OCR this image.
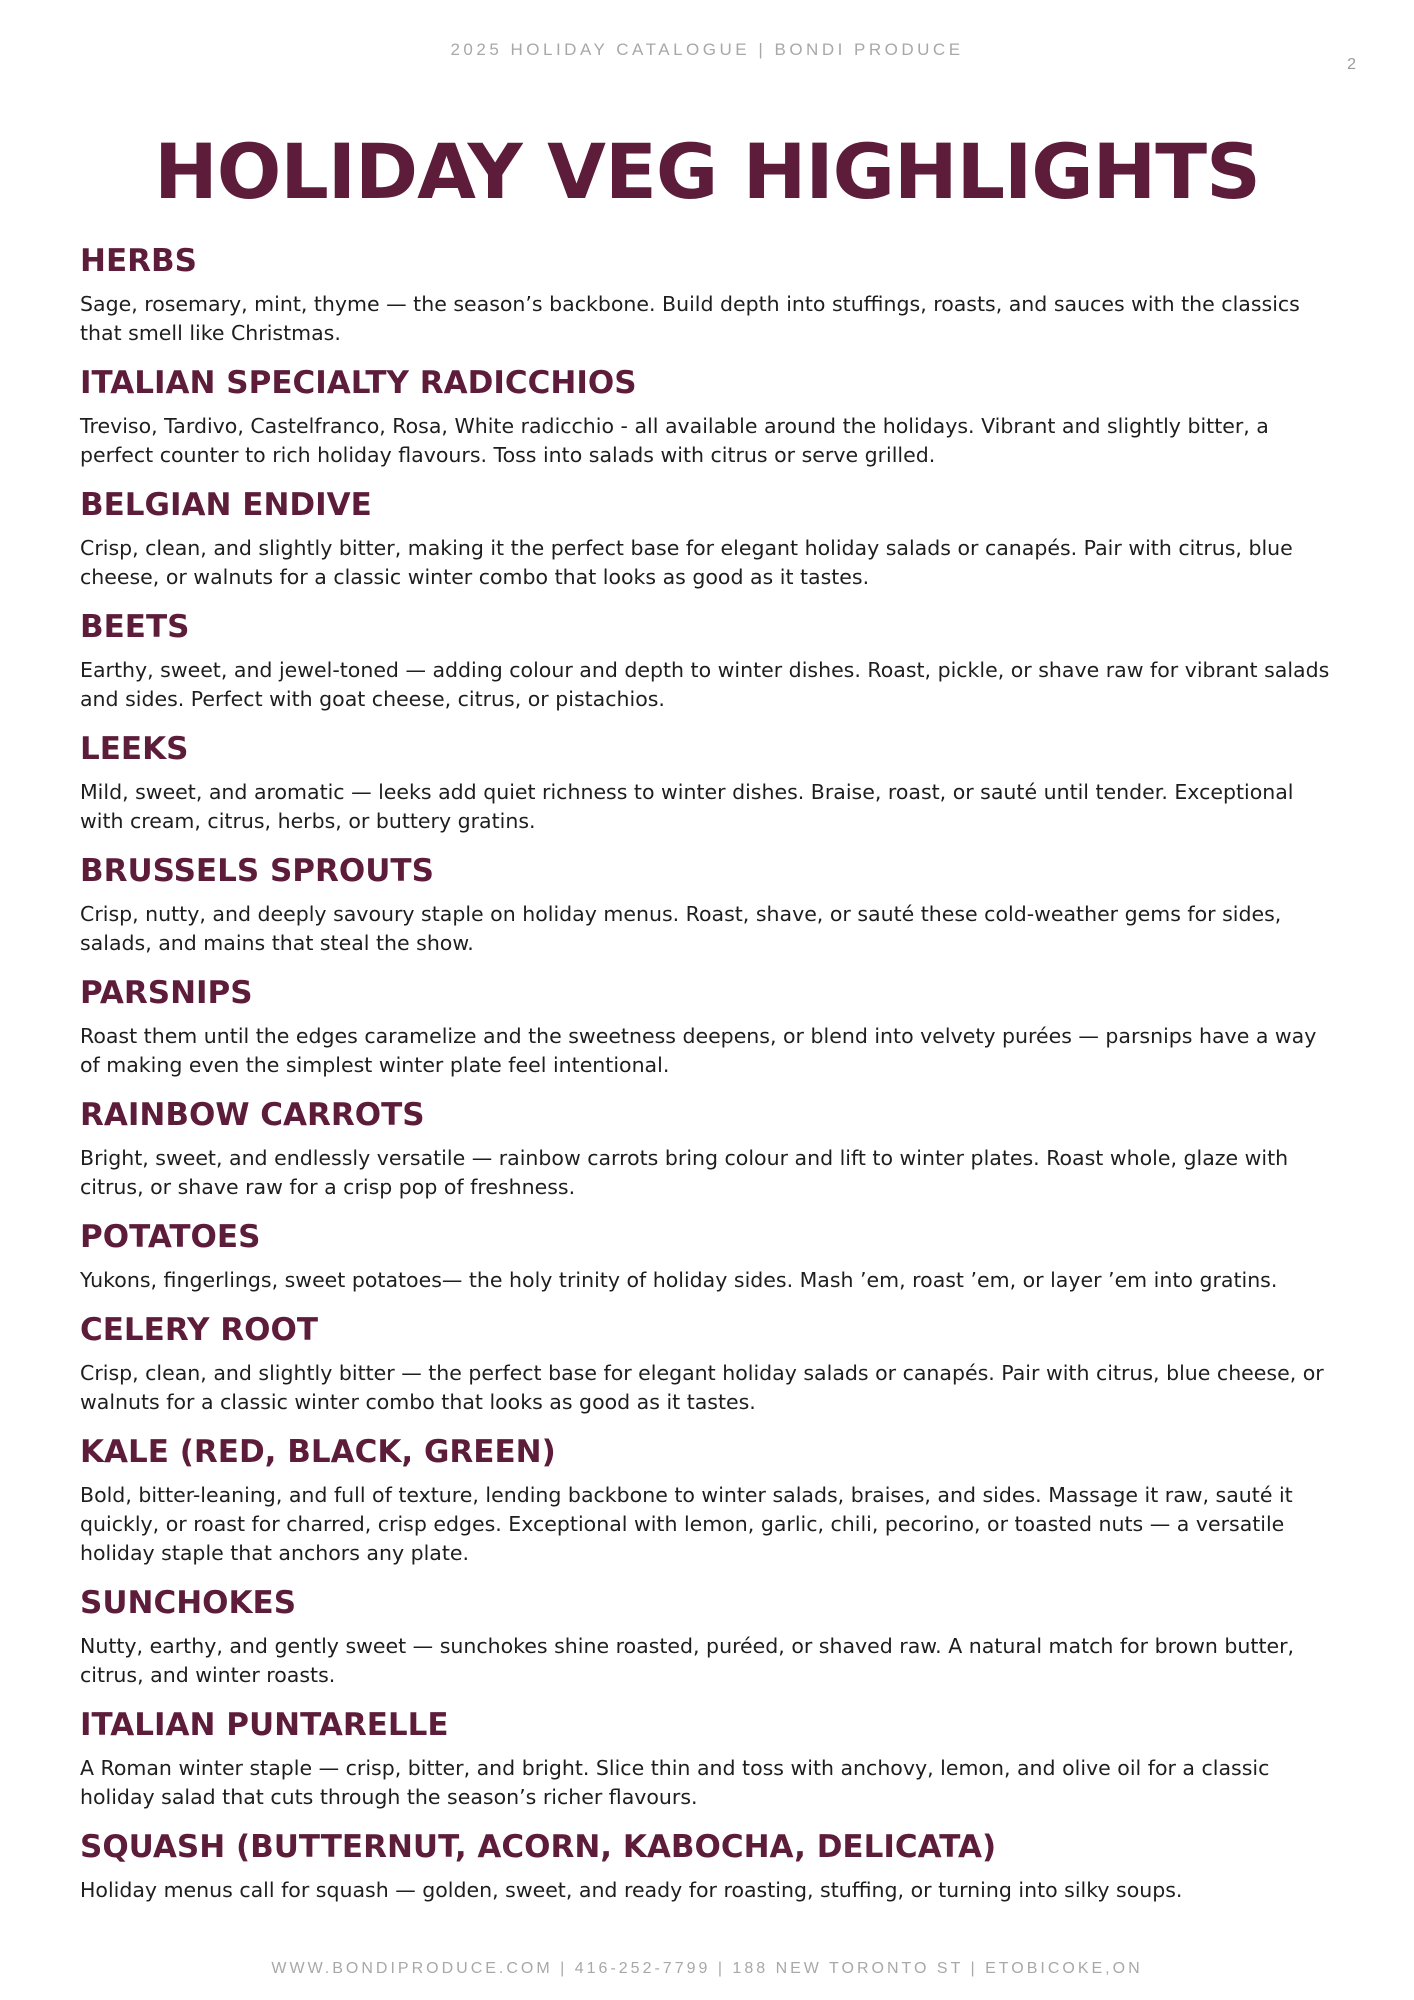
2025 HOLIDAY CATALOGUE | BONDI PRODUCE
2
HOLIDAY VEG HIGHLIGHTS
HERBS

Sage, rosemary, mint, thyme — the season’s backbone. Build depth into stuffings, roasts, and sauces with the classics that smell like Christmas.

ITALIAN SPECIALTY RADICCHIOS

Treviso, Tardivo, Castelfranco, Rosa, White radicchio - all available around the holidays. Vibrant and slightly bitter, a perfect counter to rich holiday flavours. Toss into salads with citrus or serve grilled.

BELGIAN ENDIVE

Crisp, clean, and slightly bitter, making it the perfect base for elegant holiday salads or canapés. Pair with citrus, blue cheese, or walnuts for a classic winter combo that looks as good as it tastes.

BEETS

Earthy, sweet, and jewel-toned — adding colour and depth to winter dishes. Roast, pickle, or shave raw for vibrant salads and sides. Perfect with goat cheese, citrus, or pistachios.

LEEKS

Mild, sweet, and aromatic — leeks add quiet richness to winter dishes. Braise, roast, or sauté until tender. Exceptional with cream, citrus, herbs, or buttery gratins.

BRUSSELS SPROUTS

Crisp, nutty, and deeply savoury staple on holiday menus. Roast, shave, or sauté these cold-weather gems for sides, salads, and mains that steal the show.

PARSNIPS

Roast them until the edges caramelize and the sweetness deepens, or blend into velvety purées — parsnips have a way of making even the simplest winter plate feel intentional.

RAINBOW CARROTS

Bright, sweet, and endlessly versatile — rainbow carrots bring colour and lift to winter plates. Roast whole, glaze with citrus, or shave raw for a crisp pop of freshness.

POTATOES

Yukons, fingerlings, sweet potatoes— the holy trinity of holiday sides. Mash ’em, roast ’em, or layer ’em into gratins.

CELERY ROOT

Crisp, clean, and slightly bitter — the perfect base for elegant holiday salads or canapés. Pair with citrus, blue cheese, or walnuts for a classic winter combo that looks as good as it tastes.

KALE (RED, BLACK, GREEN)

Bold, bitter-leaning, and full of texture, lending backbone to winter salads, braises, and sides. Massage it raw, sauté it quickly, or roast for charred, crisp edges. Exceptional with lemon, garlic, chili, pecorino, or toasted nuts — a versatile holiday staple that anchors any plate.

SUNCHOKES

Nutty, earthy, and gently sweet — sunchokes shine roasted, puréed, or shaved raw. A natural match for brown butter, citrus, and winter roasts.

ITALIAN PUNTARELLE

A Roman winter staple — crisp, bitter, and bright. Slice thin and toss with anchovy, lemon, and olive oil for a classic holiday salad that cuts through the season’s richer flavours.

SQUASH (BUTTERNUT, ACORN, KABOCHA, DELICATA)

Holiday menus call for squash — golden, sweet, and ready for roasting, stuffing, or turning into silky soups.

WWW.BONDIPRODUCE.COM | 416-252-7799 | 188 NEW TORONTO ST | ETOBICOKE,ON
